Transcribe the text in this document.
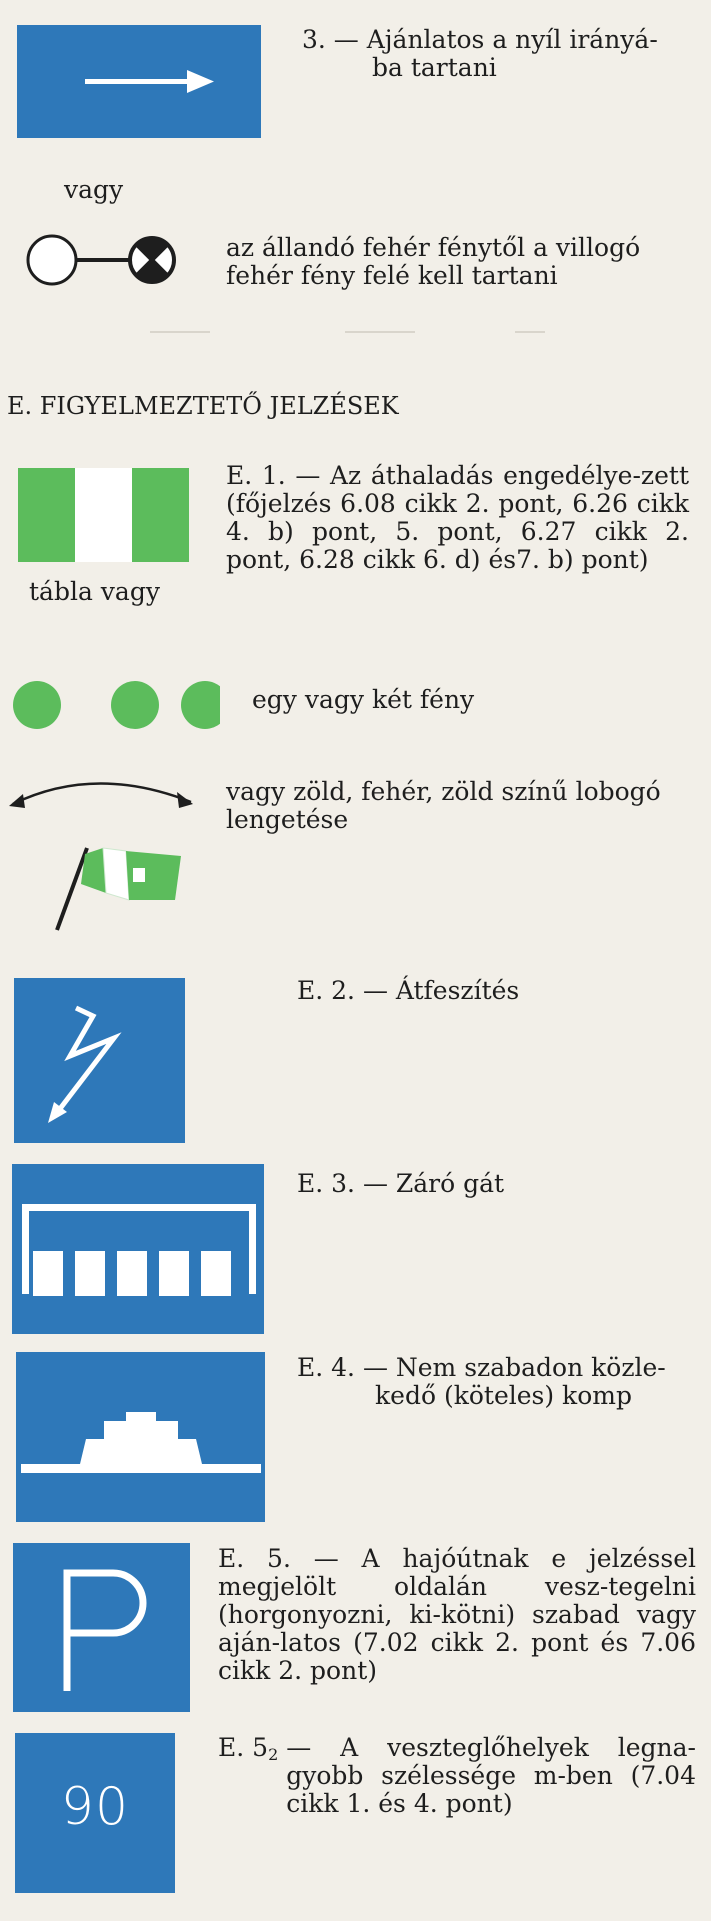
3. — Ajánlatos a nyíl irányá-
ba tartani
vagy
az állandó fehér fénytől a villogó
fehér fény felé kell tartani
E. FIGYELMEZTETŐ JELZÉSEK
tábla vagy
E. 1. — Az áthaladás engedélye-zett (főjelzés 6.08 cikk 2. pont, 6.26 cikk 4. b) pont, 5. pont, 6.27 cikk 2. pont, 6.28 cikk 6. d) és7. b) pont)
egy vagy két fény
vagy zöld, fehér, zöld színű lobogó lengetése
E. 2. — Átfeszítés
E. 3. — Záró gát
E. 4. — Nem szabadon közle-
kedő (köteles) komp
E. 5. — A hajóútnak e jelzéssel megjelölt oldalán vesz-tegelni (horgonyozni, ki-kötni) szabad vagy aján-latos (7.02 cikk 2. pont és 7.06 cikk 2. pont)
90
E. $5_2$ — A veszteglőhelyek legna-gyobb szélessége m-ben (7.04 cikk 1. és 4. pont)
